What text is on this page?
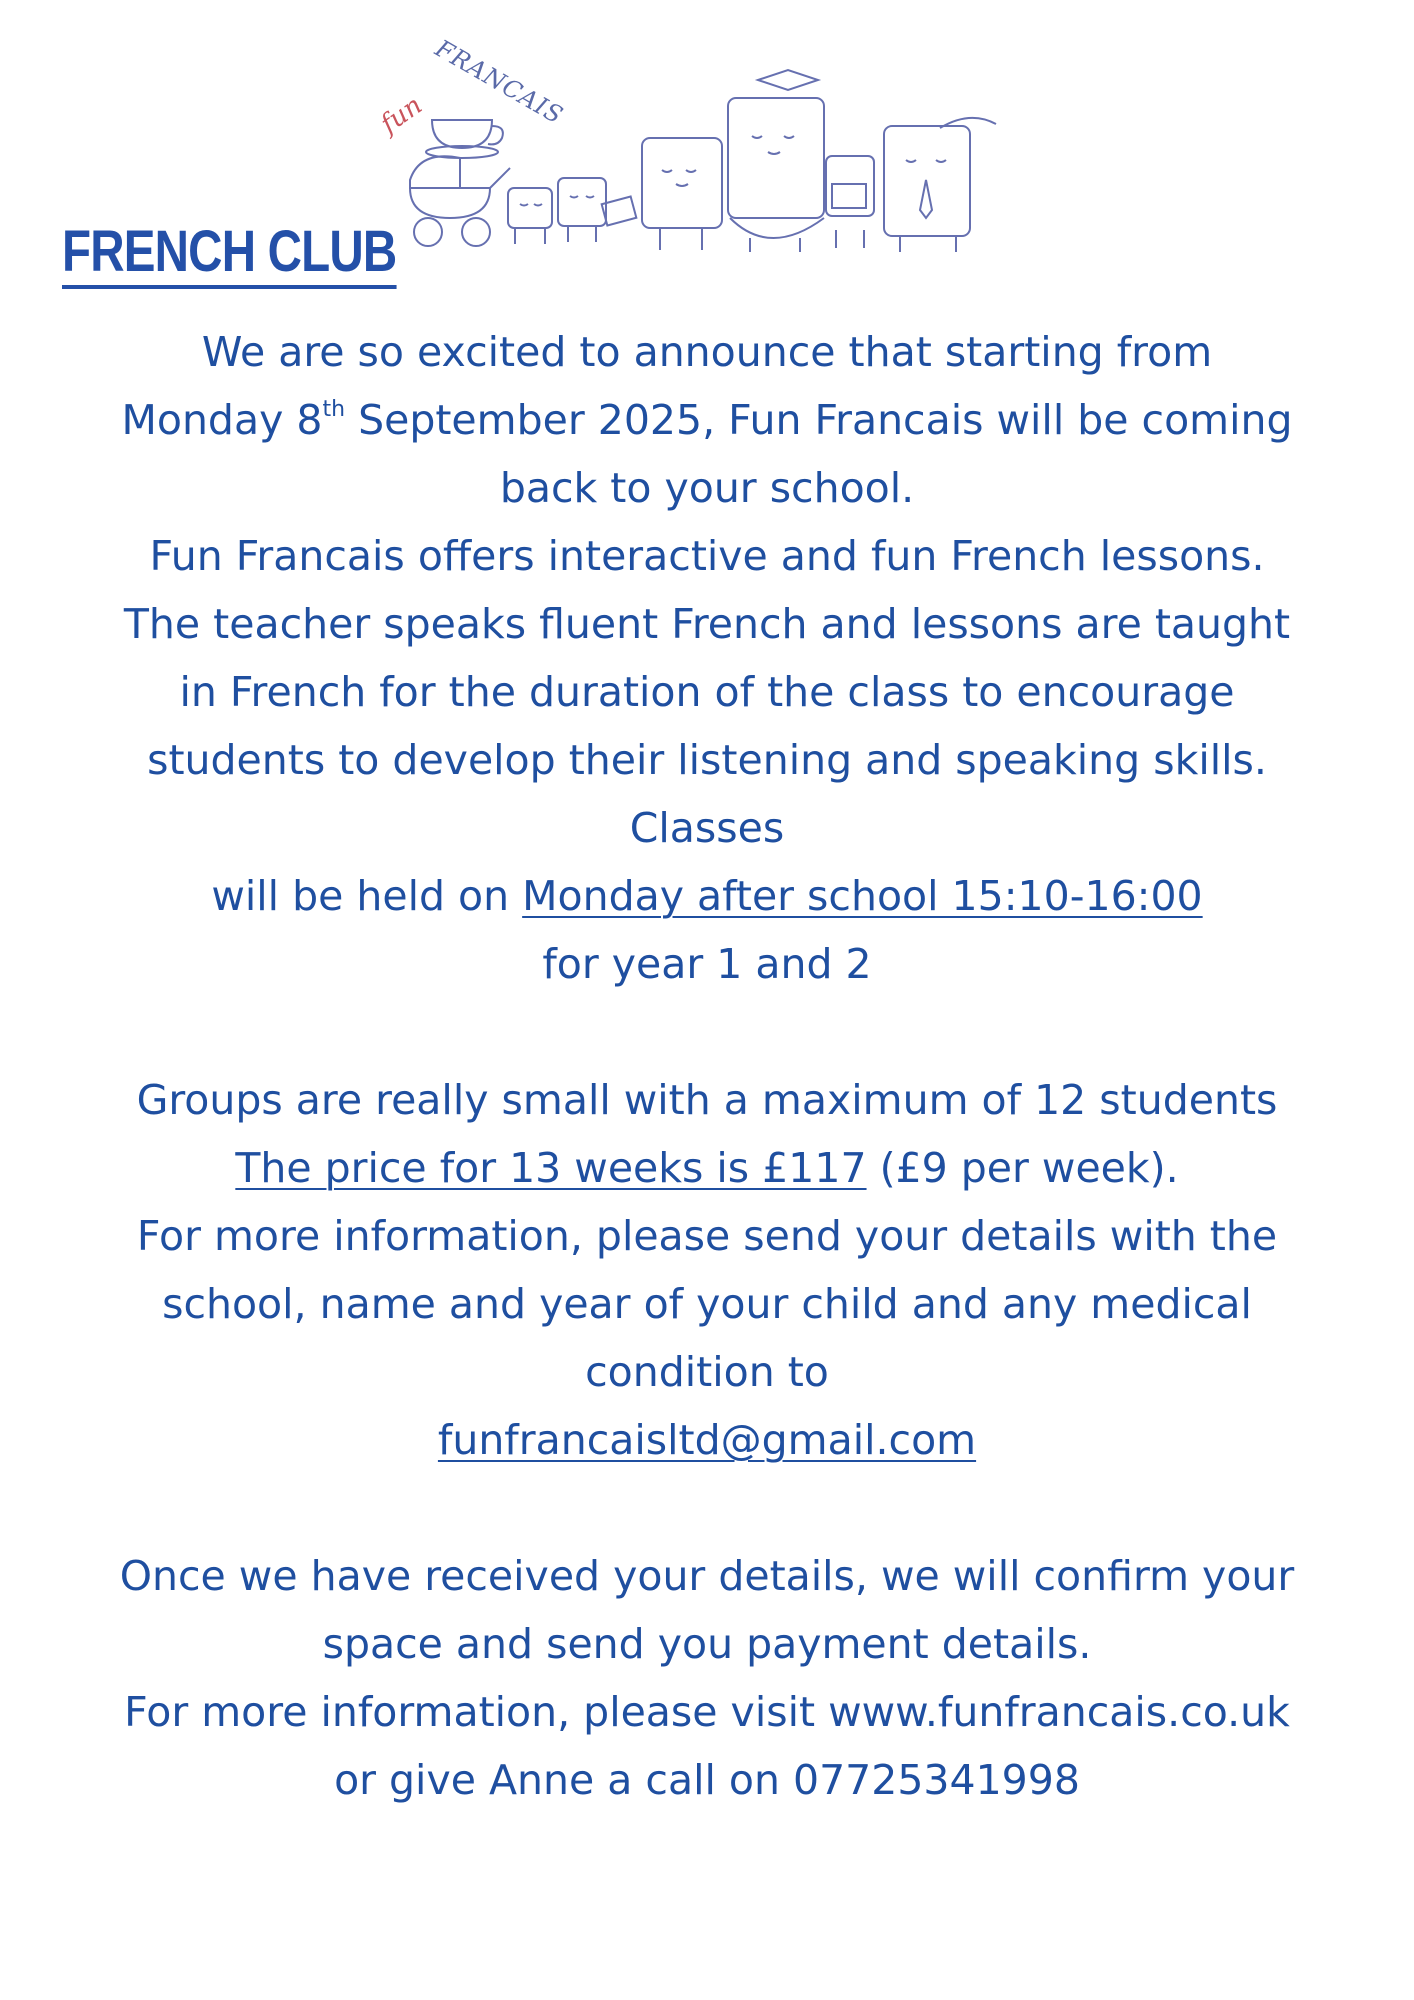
fun FRANCAIS
FRENCH CLUB

We are so excited to announce that starting from

Monday 8th September 2025, Fun Francais will be coming

back to your school.

Fun Francais offers interactive and fun French lessons.

The teacher speaks fluent French and lessons are taught

in French for the duration of the class to encourage

students to develop their listening and speaking skills.

Classes

will be held on Monday after school 15:10-16:00

for year 1 and 2

Groups are really small with a maximum of 12 students

The price for 13 weeks is £117 (£9 per week).

For more information, please send your details with the

school, name and year of your child and any medical

condition to

funfrancaisltd@gmail.com

Once we have received your details, we will confirm your

space and send you payment details.

For more information, please visit www.funfrancais.co.uk

or give Anne a call on 07725341998
